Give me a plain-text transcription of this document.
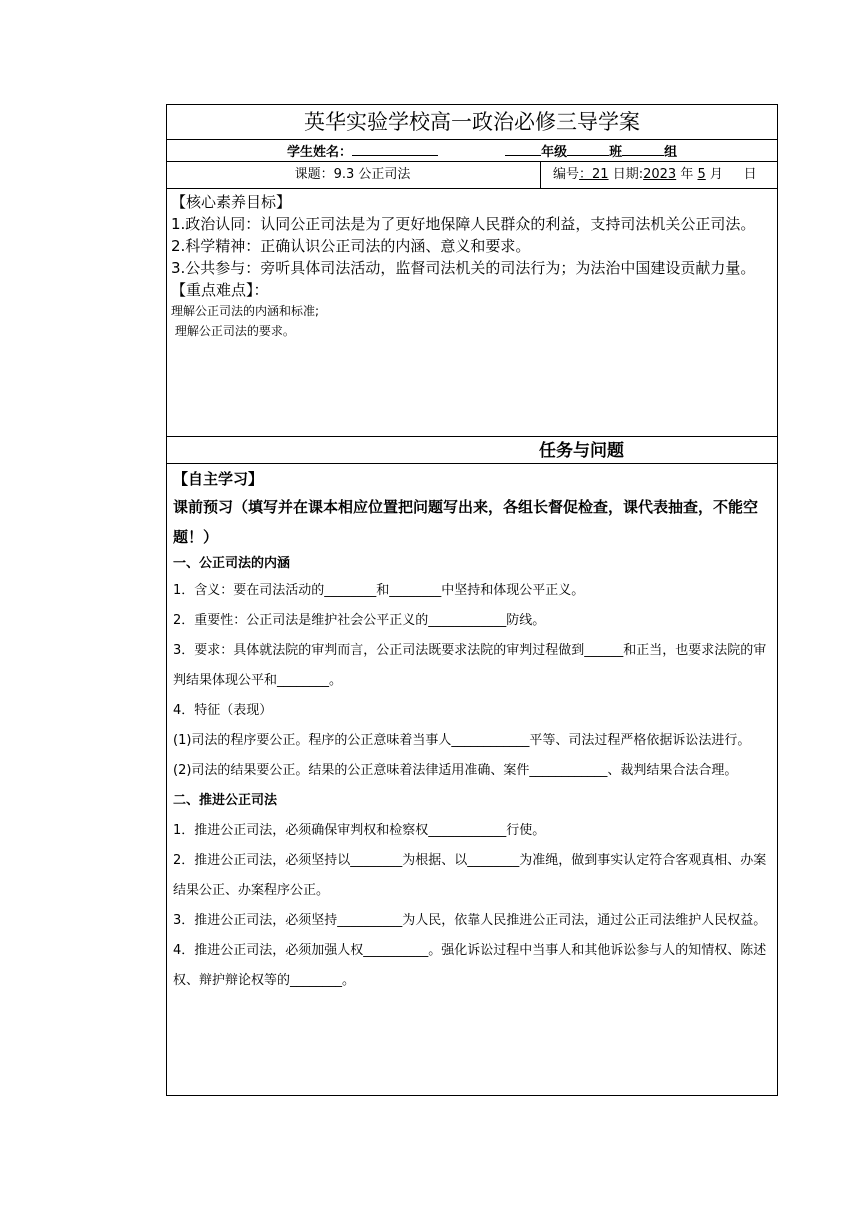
英华实验学校高一政治必修三导学案
学生姓名：	年级	班	组
课题：9.3 公正司法	编号：21 日期:2023 年 5 月 日
【核心素养目标】
1.政治认同：认同公正司法是为了更好地保障人民群众的利益，支持司法机关公正司法。
2.科学精神：正确认识公正司法的内涵、意义和要求。
3.公共参与：旁听具体司法活动，监督司法机关的司法行为；为法治中国建设贡献力量。
【重点难点】：
理解公正司法的内涵和标准;
理解公正司法的要求。
任务与问题
【自主学习】
课前预习（填写并在课本相应位置把问题写出来，各组长督促检查，课代表抽查，不能空题！）
一、公正司法的内涵
1．含义：要在司法活动的________和________中坚持和体现公平正义。
2．重要性：公正司法是维护社会公平正义的____________防线。
3．要求：具体就法院的审判而言，公正司法既要求法院的审判过程做到______和正当，也要求法院的审判结果体现公平和________。
4．特征（表现）
(1)司法的程序要公正。程序的公正意味着当事人____________平等、司法过程严格依据诉讼法进行。
(2)司法的结果要公正。结果的公正意味着法律适用准确、案件____________、裁判结果合法合理。
二、推进公正司法
1．推进公正司法，必须确保审判权和检察权____________行使。
2．推进公正司法，必须坚持以________为根据、以________为准绳，做到事实认定符合客观真相、办案结果公正、办案程序公正。
3．推进公正司法，必须坚持__________为人民，依靠人民推进公正司法，通过公正司法维护人民权益。
4．推进公正司法，必须加强人权__________。强化诉讼过程中当事人和其他诉讼参与人的知情权、陈述权、辩护辩论权等的________。
